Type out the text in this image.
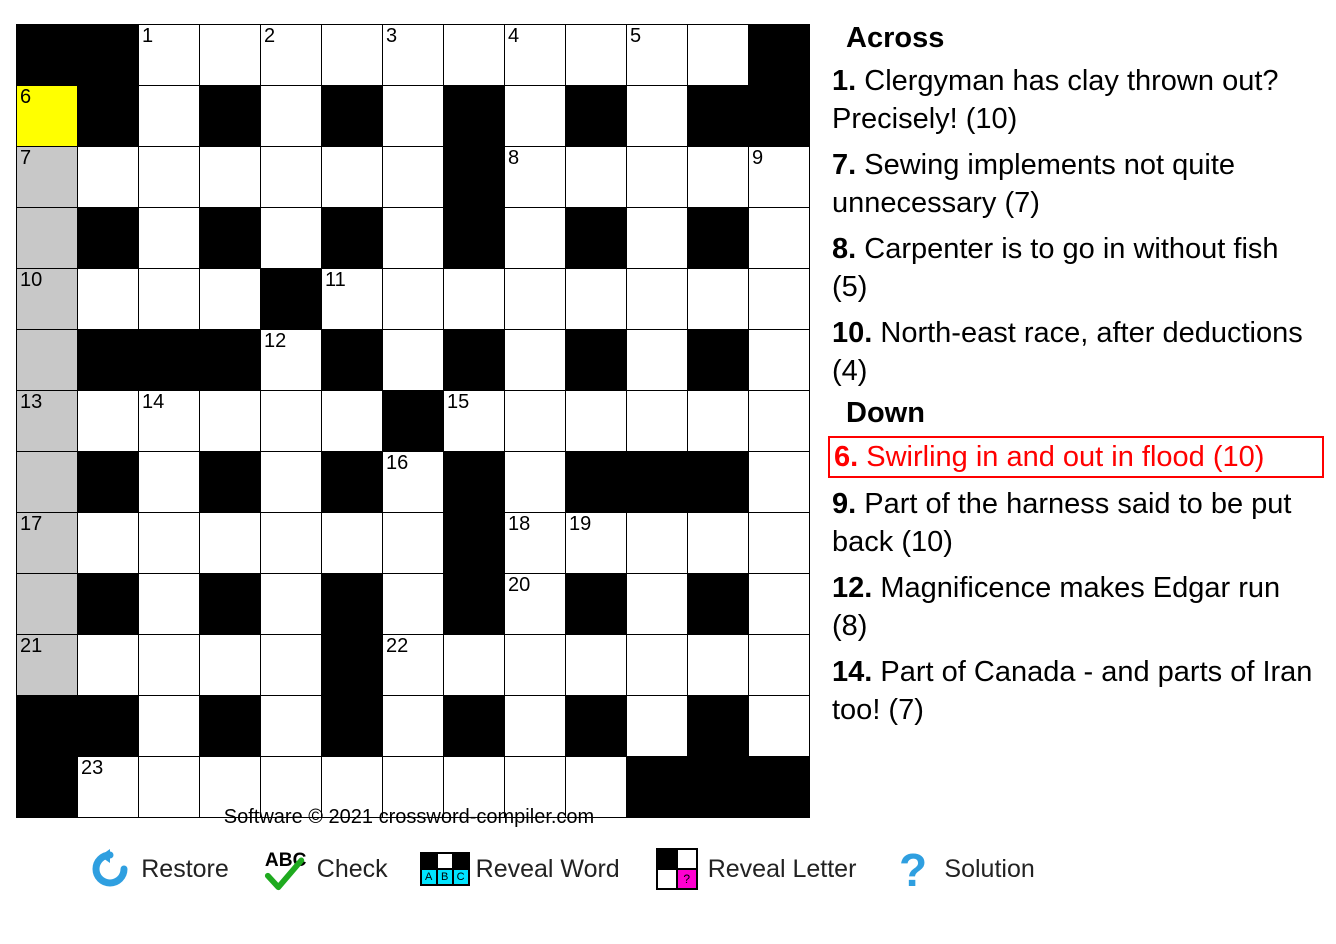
		1		2		3		4		5		

6												

7								8				9

10					11							

				12								

13		14					15					

						16						

17								18	19			

								20				

21						22						

	23											

Software © 2021 crossword-compiler.com
Restore ABC Check	A B C Reveal Word	? Reveal Letter ? Solution
Across
1. Clergyman has clay thrown out? Precisely! (10)
7. Sewing implements not quite unnecessary (7)
8. Carpenter is to go in without fish (5)
10. North-east race, after deductions (4)
Down
6. Swirling in and out in flood (10)
9. Part of the harness said to be put back (10)
12. Magnificence makes Edgar run (8)
14. Part of Canada - and parts of Iran too! (7)
